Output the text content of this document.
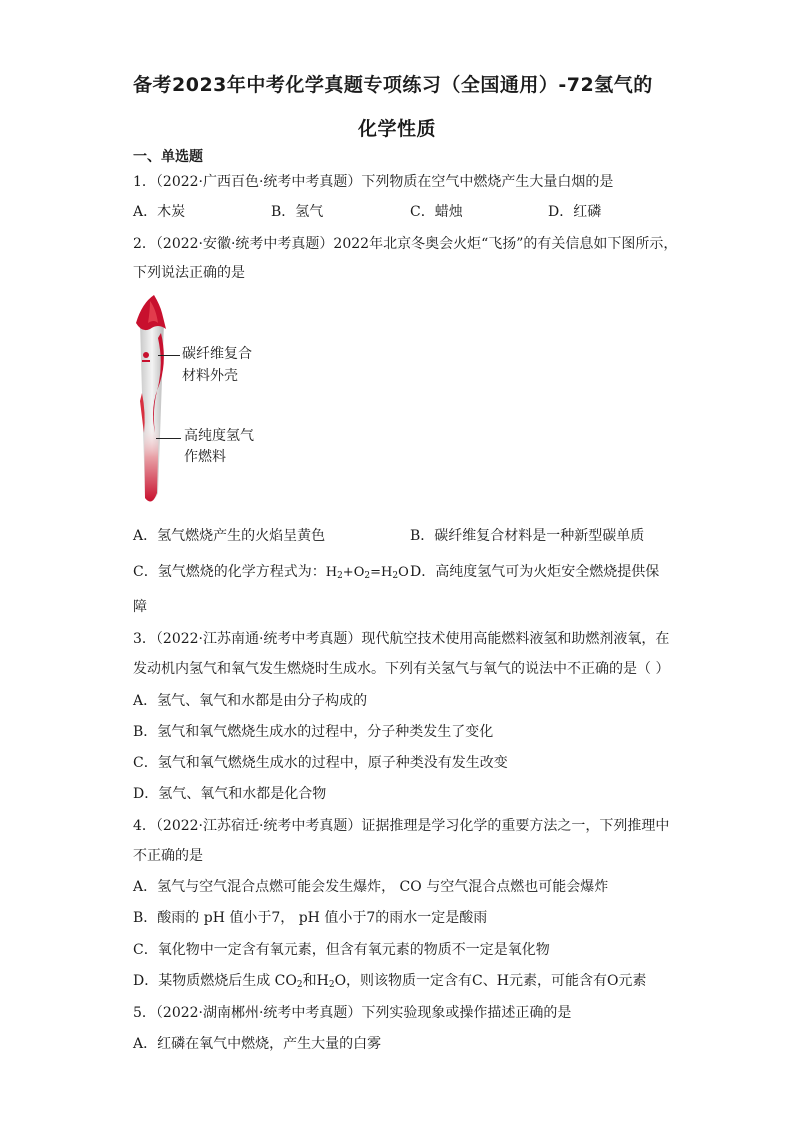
备考2023年中考化学真题专项练习（全国通用）-72氢气的
化学性质
一、单选题
1．（2022·广西百色·统考中考真题）下列物质在空气中燃烧产生大量白烟的是
A．木炭	B．氢气	C．蜡烛	D．红磷
2．（2022·安徽·统考中考真题）2022年北京冬奥会火炬“飞扬”的有关信息如下图所示，
下列说法正确的是
碳纤维复合
材料外壳
高纯度氢气
作燃料
A．氢气燃烧产生的火焰呈黄色	B．碳纤维复合材料是一种新型碳单质
C．氢气燃烧的化学方程式为：$H_2+O_2=H_2O$ D．高纯度氢气可为火炬安全燃烧提供保
障
3．（2022·江苏南通·统考中考真题）现代航空技术使用高能燃料液氢和助燃剂液氧，在
发动机内氢气和氧气发生燃烧时生成水。下列有关氢气与氧气的说法中不正确的是（ ）
A．氢气、氧气和水都是由分子构成的
B．氢气和氧气燃烧生成水的过程中，分子种类发生了变化
C．氢气和氧气燃烧生成水的过程中，原子种类没有发生改变
D．氢气、氧气和水都是化合物
4．（2022·江苏宿迁·统考中考真题）证据推理是学习化学的重要方法之一，下列推理中
不正确的是
A．氢气与空气混合点燃可能会发生爆炸， CO 与空气混合点燃也可能会爆炸
B．酸雨的 pH 值小于7， pH 值小于7的雨水一定是酸雨
C．氧化物中一定含有氧元素，但含有氧元素的物质不一定是氧化物
D．某物质燃烧后生成 $CO_2$和$H_2O$，则该物质一定含有C、H元素，可能含有O元素
5．（2022·湖南郴州·统考中考真题）下列实验现象或操作描述正确的是
A．红磷在氧气中燃烧，产生大量的白雾
